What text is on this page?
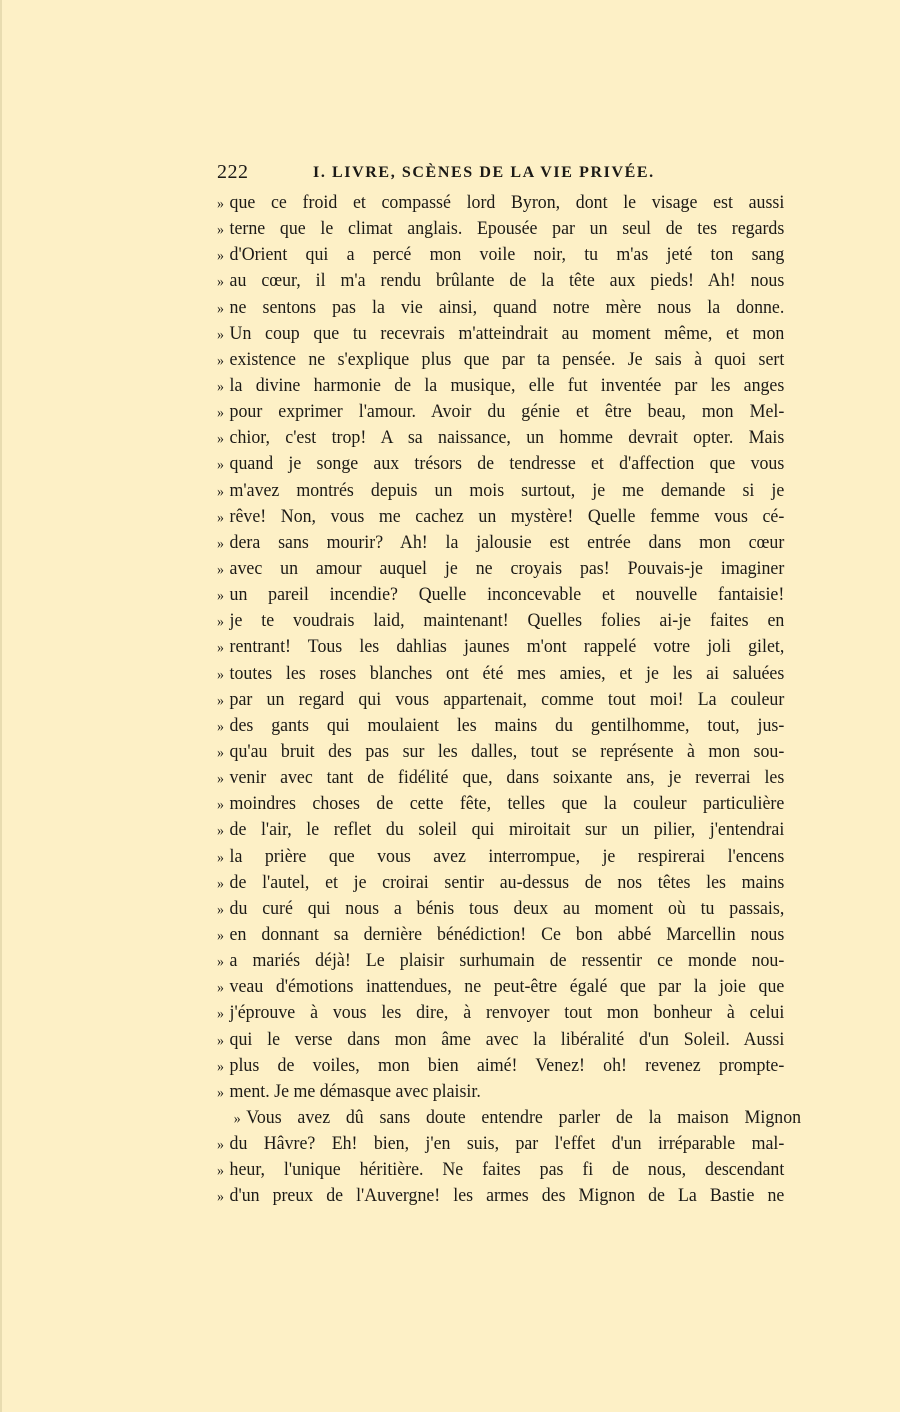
222	I. LIVRE, SCÈNES DE LA VIE PRIVÉE.
» que ce froid et compassé lord Byron, dont le visage est aussi
» terne que le climat anglais. Epousée par un seul de tes regards
» d'Orient qui a percé mon voile noir, tu m'as jeté ton sang
» au cœur, il m'a rendu brûlante de la tête aux pieds! Ah! nous
» ne sentons pas la vie ainsi, quand notre mère nous la donne.
» Un coup que tu recevrais m'atteindrait au moment même, et mon
» existence ne s'explique plus que par ta pensée. Je sais à quoi sert
» la divine harmonie de la musique, elle fut inventée par les anges
» pour exprimer l'amour. Avoir du génie et être beau, mon Mel-
» chior, c'est trop! A sa naissance, un homme devrait opter. Mais
» quand je songe aux trésors de tendresse et d'affection que vous
» m'avez montrés depuis un mois surtout, je me demande si je
» rêve! Non, vous me cachez un mystère! Quelle femme vous cé-
» dera sans mourir? Ah! la jalousie est entrée dans mon cœur
» avec un amour auquel je ne croyais pas! Pouvais-je imaginer
» un pareil incendie? Quelle inconcevable et nouvelle fantaisie!
» je te voudrais laid, maintenant! Quelles folies ai-je faites en
» rentrant! Tous les dahlias jaunes m'ont rappelé votre joli gilet,
» toutes les roses blanches ont été mes amies, et je les ai saluées
» par un regard qui vous appartenait, comme tout moi! La couleur
» des gants qui moulaient les mains du gentilhomme, tout, jus-
» qu'au bruit des pas sur les dalles, tout se représente à mon sou-
» venir avec tant de fidélité que, dans soixante ans, je reverrai les
» moindres choses de cette fête, telles que la couleur particulière
» de l'air, le reflet du soleil qui miroitait sur un pilier, j'entendrai
» la prière que vous avez interrompue, je respirerai l'encens
» de l'autel, et je croirai sentir au-dessus de nos têtes les mains
» du curé qui nous a bénis tous deux au moment où tu passais,
» en donnant sa dernière bénédiction! Ce bon abbé Marcellin nous
» a mariés déjà! Le plaisir surhumain de ressentir ce monde nou-
» veau d'émotions inattendues, ne peut-être égalé que par la joie que
» j'éprouve à vous les dire, à renvoyer tout mon bonheur à celui
» qui le verse dans mon âme avec la libéralité d'un Soleil. Aussi
» plus de voiles, mon bien aimé! Venez! oh! revenez prompte-
» ment. Je me démasque avec plaisir.
» Vous avez dû sans doute entendre parler de la maison Mignon
» du Hâvre? Eh! bien, j'en suis, par l'effet d'un irréparable mal-
» heur, l'unique héritière. Ne faites pas fi de nous, descendant
» d'un preux de l'Auvergne! les armes des Mignon de La Bastie ne
